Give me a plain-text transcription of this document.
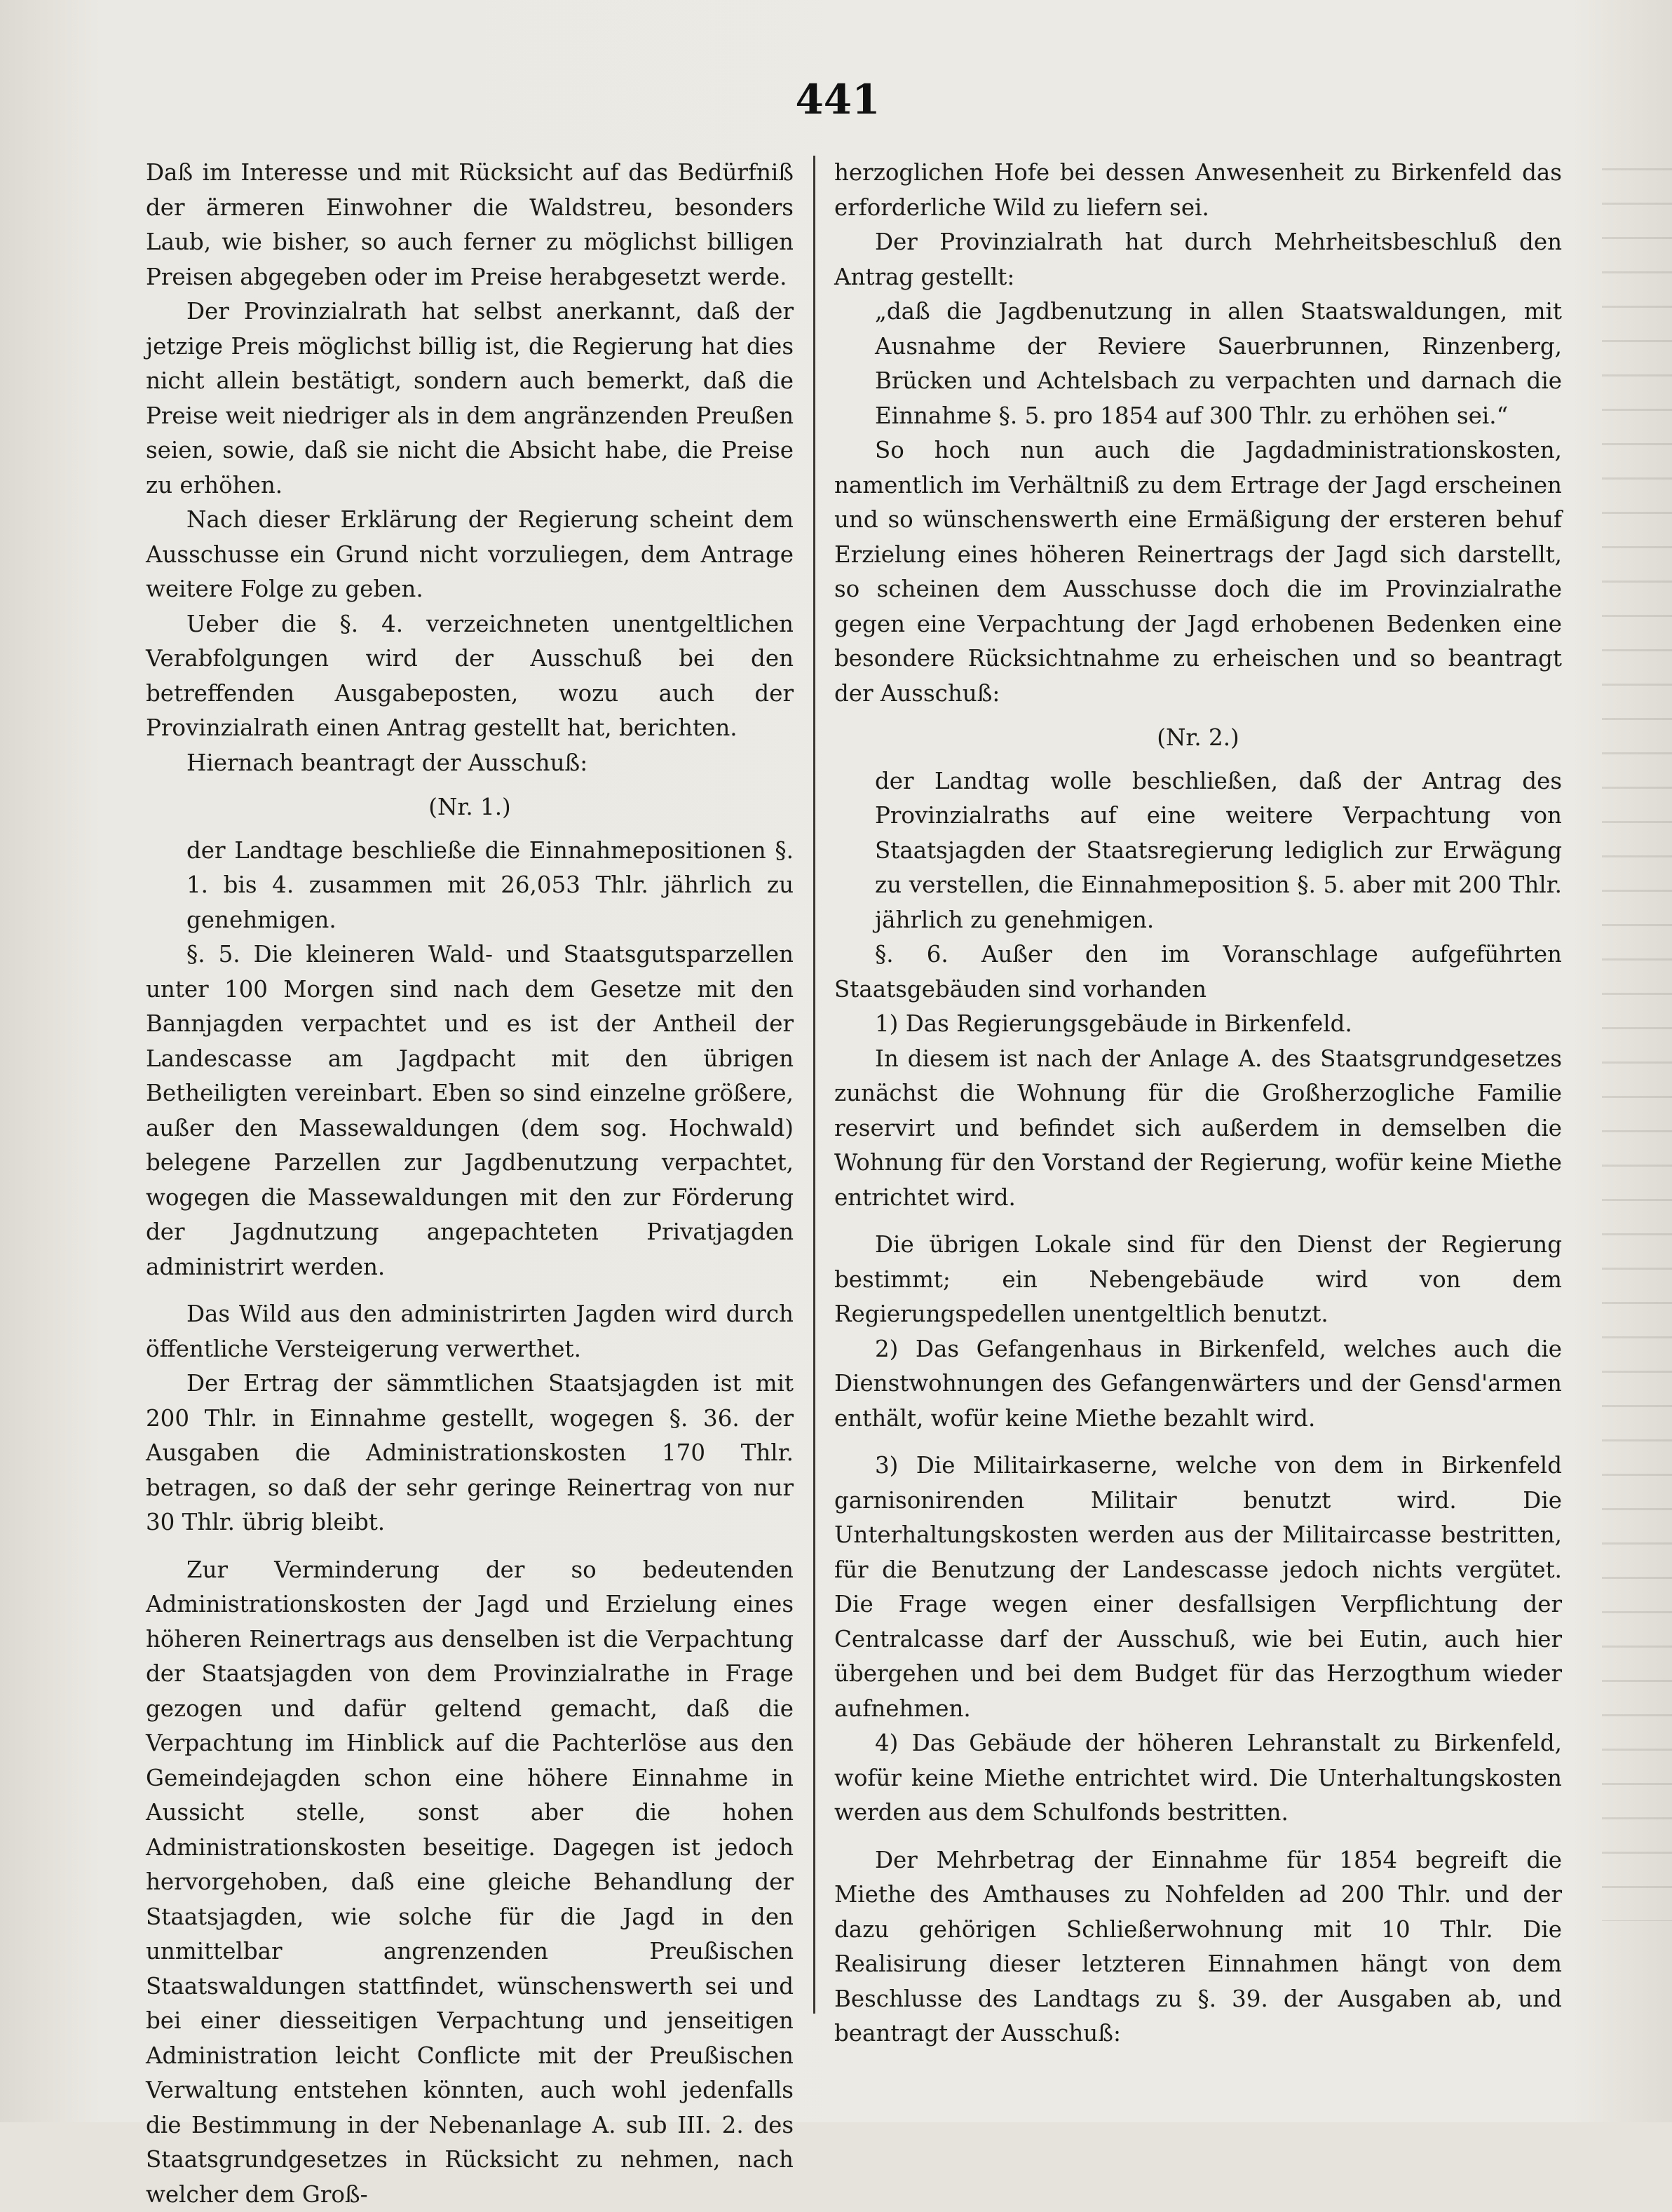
441

Daß im Interesse und mit Rücksicht auf das Bedürfniß der ärmeren Einwohner die Waldstreu, besonders Laub, wie bisher, so auch ferner zu möglichst billigen Preisen abgegeben oder im Preise herabgesetzt werde.

Der Provinzialrath hat selbst anerkannt, daß der jetzige Preis möglichst billig ist, die Regierung hat dies nicht allein bestätigt, sondern auch bemerkt, daß die Preise weit niedriger als in dem angränzenden Preußen seien, sowie, daß sie nicht die Absicht habe, die Preise zu erhöhen.

Nach dieser Erklärung der Regierung scheint dem Ausschusse ein Grund nicht vorzuliegen, dem Antrage weitere Folge zu geben.

Ueber die §. 4. verzeichneten unentgeltlichen Verabfolgungen wird der Ausschuß bei den betreffenden Ausgabeposten, wozu auch der Provinzialrath einen Antrag gestellt hat, berichten.

Hiernach beantragt der Ausschuß:

(Nr. 1.)

der Landtage beschließe die Einnahmepositionen §. 1. bis 4. zusammen mit 26,053 Thlr. jährlich zu genehmigen.

§. 5. Die kleineren Wald- und Staatsgutsparzellen unter 100 Morgen sind nach dem Gesetze mit den Bannjagden verpachtet und es ist der Antheil der Landescasse am Jagdpacht mit den übrigen Betheiligten vereinbart. Eben so sind einzelne größere, außer den Massewaldungen (dem sog. Hochwald) belegene Parzellen zur Jagdbenutzung verpachtet, wogegen die Massewaldungen mit den zur Förderung der Jagdnutzung angepachteten Privatjagden administrirt werden.

Das Wild aus den administrirten Jagden wird durch öffentliche Versteigerung verwerthet.

Der Ertrag der sämmtlichen Staatsjagden ist mit 200 Thlr. in Einnahme gestellt, wogegen §. 36. der Ausgaben die Administrationskosten 170 Thlr. betragen, so daß der sehr geringe Reinertrag von nur 30 Thlr. übrig bleibt.

Zur Verminderung der so bedeutenden Administrationskosten der Jagd und Erzielung eines höheren Reinertrags aus denselben ist die Verpachtung der Staatsjagden von dem Provinzialrathe in Frage gezogen und dafür geltend gemacht, daß die Verpachtung im Hinblick auf die Pachterlöse aus den Gemeindejagden schon eine höhere Einnahme in Aussicht stelle, sonst aber die hohen Administrationskosten beseitige. Dagegen ist jedoch hervorgehoben, daß eine gleiche Behandlung der Staatsjagden, wie solche für die Jagd in den unmittelbar angrenzenden Preußischen Staatswaldungen stattfindet, wünschenswerth sei und bei einer diesseitigen Verpachtung und jenseitigen Administration leicht Conflicte mit der Preußischen Verwaltung entstehen könnten, auch wohl jedenfalls die Bestimmung in der Nebenanlage A. sub III. 2. des Staatsgrundgesetzes in Rücksicht zu nehmen, nach welcher dem Groß-

herzoglichen Hofe bei dessen Anwesenheit zu Birkenfeld das erforderliche Wild zu liefern sei.

Der Provinzialrath hat durch Mehrheitsbeschluß den Antrag gestellt:

„daß die Jagdbenutzung in allen Staatswaldungen, mit Ausnahme der Reviere Sauerbrunnen, Rinzenberg, Brücken und Achtelsbach zu verpachten und darnach die Einnahme §. 5. pro 1854 auf 300 Thlr. zu erhöhen sei.“

So hoch nun auch die Jagdadministrationskosten, namentlich im Verhältniß zu dem Ertrage der Jagd erscheinen und so wünschenswerth eine Ermäßigung der ersteren behuf Erzielung eines höheren Reinertrags der Jagd sich darstellt, so scheinen dem Ausschusse doch die im Provinzialrathe gegen eine Verpachtung der Jagd erhobenen Bedenken eine besondere Rücksichtnahme zu erheischen und so beantragt der Ausschuß:

(Nr. 2.)

der Landtag wolle beschließen, daß der Antrag des Provinzialraths auf eine weitere Verpachtung von Staatsjagden der Staatsregierung lediglich zur Erwägung zu verstellen, die Einnahmeposition §. 5. aber mit 200 Thlr. jährlich zu genehmigen.

§. 6. Außer den im Voranschlage aufgeführten Staatsgebäuden sind vorhanden

1) Das Regierungsgebäude in Birkenfeld.

In diesem ist nach der Anlage A. des Staatsgrundgesetzes zunächst die Wohnung für die Großherzogliche Familie reservirt und befindet sich außerdem in demselben die Wohnung für den Vorstand der Regierung, wofür keine Miethe entrichtet wird.

Die übrigen Lokale sind für den Dienst der Regierung bestimmt; ein Nebengebäude wird von dem Regierungspedellen unentgeltlich benutzt.

2) Das Gefangenhaus in Birkenfeld, welches auch die Dienstwohnungen des Gefangenwärters und der Gensd'armen enthält, wofür keine Miethe bezahlt wird.

3) Die Militairkaserne, welche von dem in Birkenfeld garnisonirenden Militair benutzt wird. Die Unterhaltungskosten werden aus der Militaircasse bestritten, für die Benutzung der Landescasse jedoch nichts vergütet. Die Frage wegen einer desfallsigen Verpflichtung der Centralcasse darf der Ausschuß, wie bei Eutin, auch hier übergehen und bei dem Budget für das Herzogthum wieder aufnehmen.

4) Das Gebäude der höheren Lehranstalt zu Birkenfeld, wofür keine Miethe entrichtet wird. Die Unterhaltungskosten werden aus dem Schulfonds bestritten.

Der Mehrbetrag der Einnahme für 1854 begreift die Miethe des Amthauses zu Nohfelden ad 200 Thlr. und der dazu gehörigen Schließerwohnung mit 10 Thlr. Die Realisirung dieser letzteren Einnahmen hängt von dem Beschlusse des Landtags zu §. 39. der Ausgaben ab, und beantragt der Ausschuß:
